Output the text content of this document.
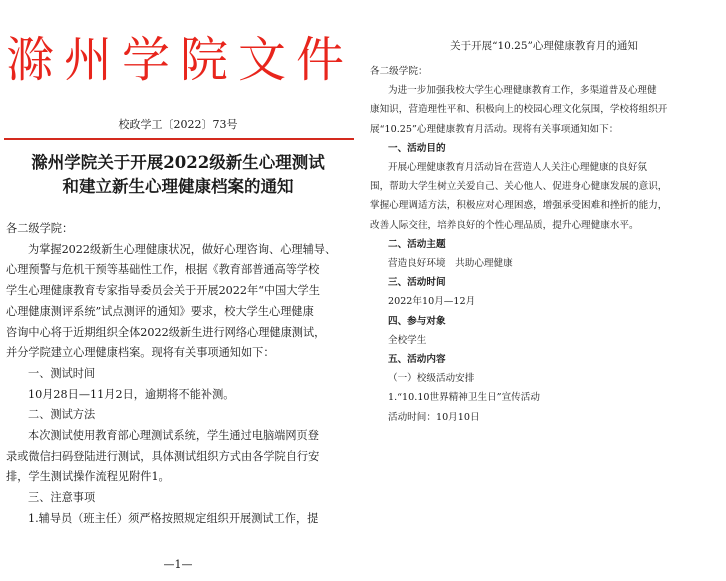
滁州学院文件
校政学工〔2022〕73号
滁州学院关于开展2022级新生心理测试
和建立新生心理健康档案的通知

各二级学院：

为掌握2022级新生心理健康状况，做好心理咨询、心理辅导、

心理预警与危机干预等基础性工作，根据《教育部普通高等学校

学生心理健康教育专家指导委员会关于开展2022年“中国大学生

心理健康测评系统”试点测评的通知》要求，校大学生心理健康

咨询中心将于近期组织全体2022级新生进行网络心理健康测试，

并分学院建立心理健康档案。现将有关事项通知如下：

一、测试时间

10月28日—11月2日，逾期将不能补测。

二、测试方法

本次测试使用教育部心理测试系统，学生通过电脑端网页登

录或微信扫码登陆进行测试，具体测试组织方式由各学院自行安

排，学生测试操作流程见附件1。

三、注意事项

1.辅导员（班主任）须严格按照规定组织开展测试工作，提

—1—
关于开展“10.25”心理健康教育月的通知

各二级学院：

为进一步加强我校大学生心理健康教育工作，多渠道普及心理健

康知识，营造理性平和、积极向上的校园心理文化氛围，学校将组织开

展“10.25”心理健康教育月活动。现将有关事项通知如下：

一、活动目的

开展心理健康教育月活动旨在营造人人关注心理健康的良好氛

围，帮助大学生树立关爱自己、关心他人、促进身心健康发展的意识，

掌握心理调适方法，积极应对心理困惑，增强承受困难和挫折的能力，

改善人际交往，培养良好的个性心理品质，提升心理健康水平。

二、活动主题

营造良好环境　共助心理健康

三、活动时间

2022年10月—12月

四、参与对象

全校学生

五、活动内容

（一）校级活动安排

1.“10.10世界精神卫生日”宣传活动

活动时间：10月10日
